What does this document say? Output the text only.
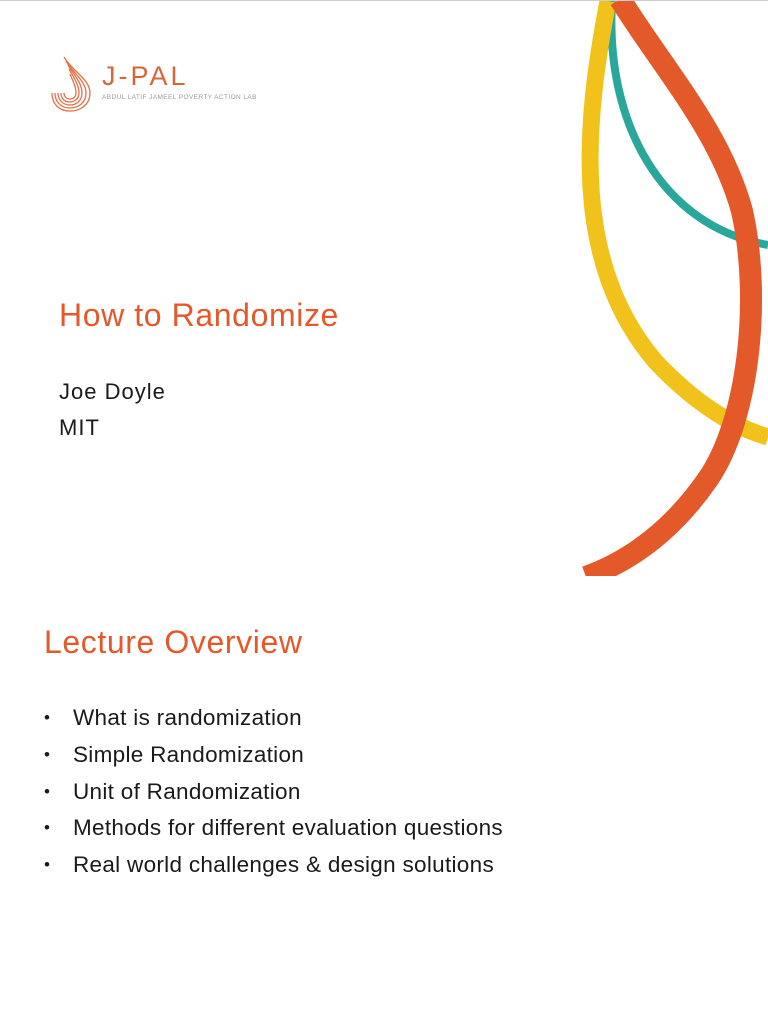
J-PAL
ABDUL LATIF JAMEEL POVERTY ACTION LAB
How to Randomize
Joe Doyle
MIT
Lecture Overview
• What is randomization
• Simple Randomization
• Unit of Randomization
• Methods for different evaluation questions
• Real world challenges & design solutions
